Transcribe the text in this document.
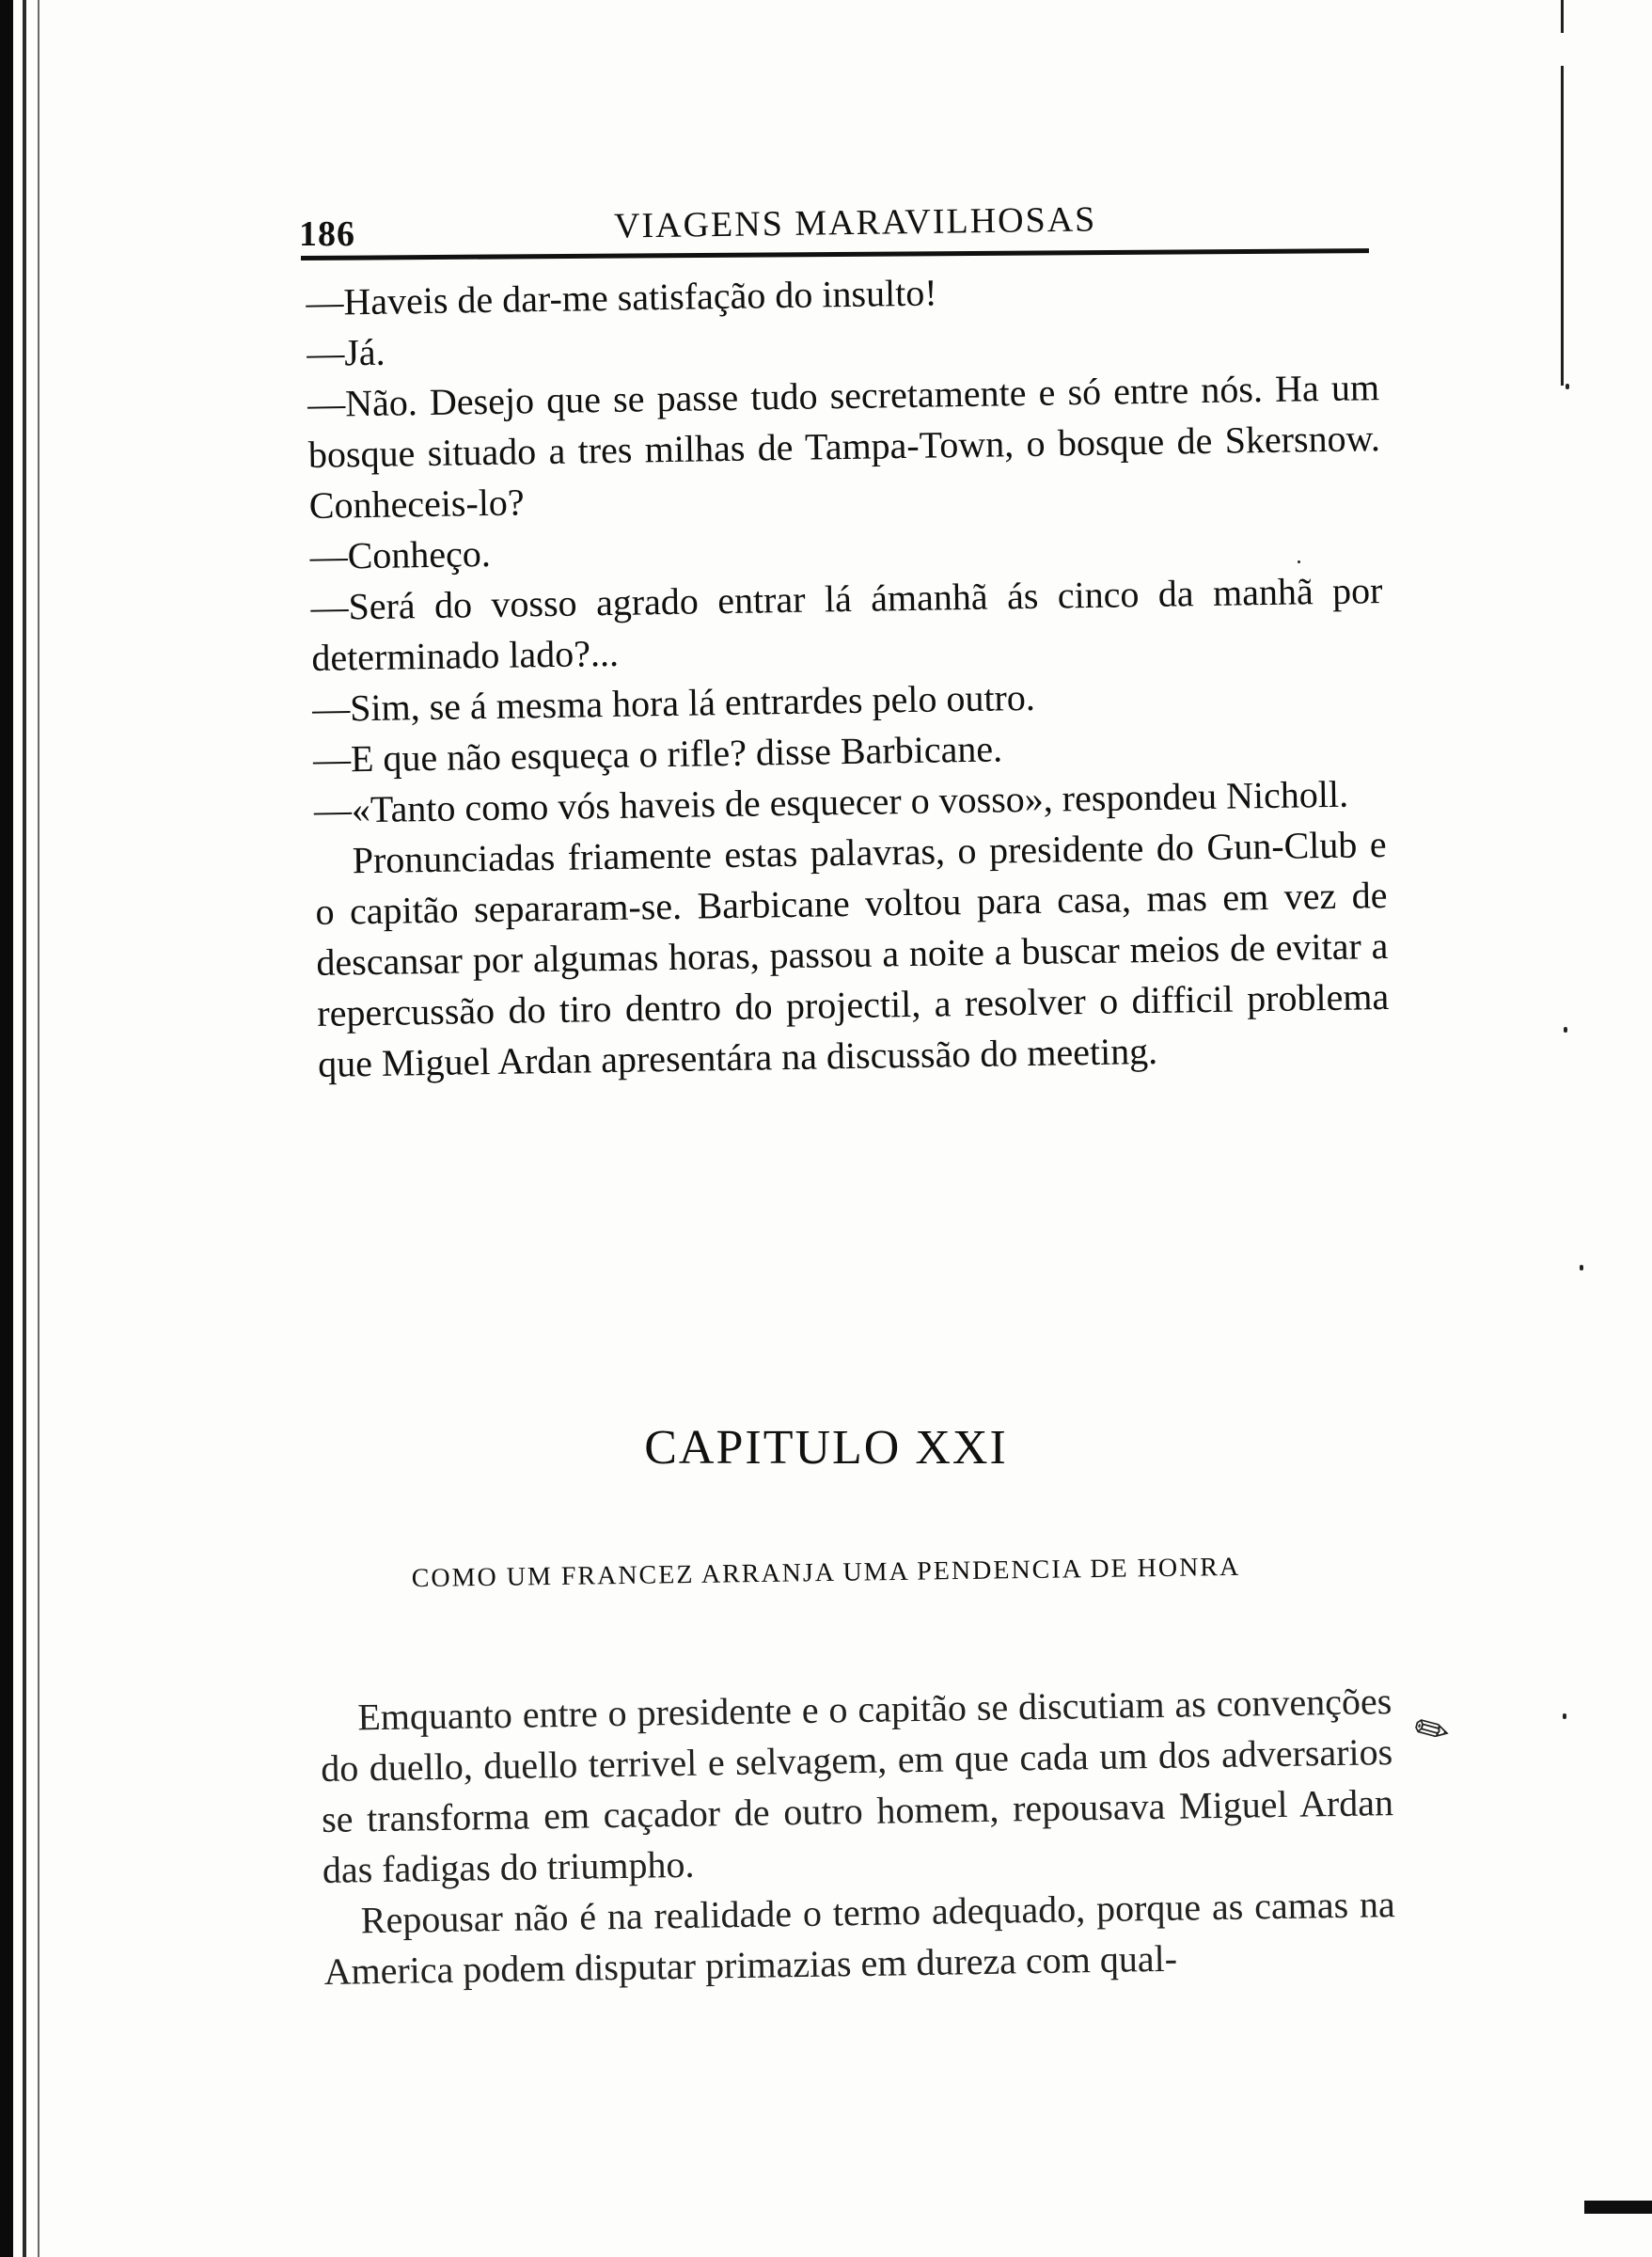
186	VIAGENS MARAVILHOSAS

—Haveis de dar-me satisfação do insulto!

—Já.

—Não. Desejo que se passe tudo secretamente e só entre nós. Ha um bosque situado a tres milhas de Tampa-Town, o bosque de Skersnow. Conheceis-lo?

—Conheço.

—Será do vosso agrado entrar lá ámanhã ás cinco da manhã por determinado lado?...

—Sim, se á mesma hora lá entrardes pelo outro.

—E que não esqueça o rifle? disse Barbicane.

—«Tanto como vós haveis de esquecer o vosso», respondeu Nicholl.

Pronunciadas friamente estas palavras, o presidente do Gun-Club e o capitão separaram-se. Barbicane voltou para casa, mas em vez de descansar por algumas horas, passou a noite a buscar meios de evitar a repercussão do tiro dentro do projectil, a resolver o difficil problema que Miguel Ardan apresentára na discussão do meeting.

CAPITULO XXI
COMO UM FRANCEZ ARRANJA UMA PENDENCIA DE HONRA

Emquanto entre o presidente e o capitão se discutiam as convenções do duello, duello terrivel e selvagem, em que cada um dos adversarios se transforma em caçador de outro homem, repousava Miguel Ardan das fadigas do triumpho.

Repousar não é na realidade o termo adequado, porque as camas na America podem disputar primazias em dureza com qual-

✎
